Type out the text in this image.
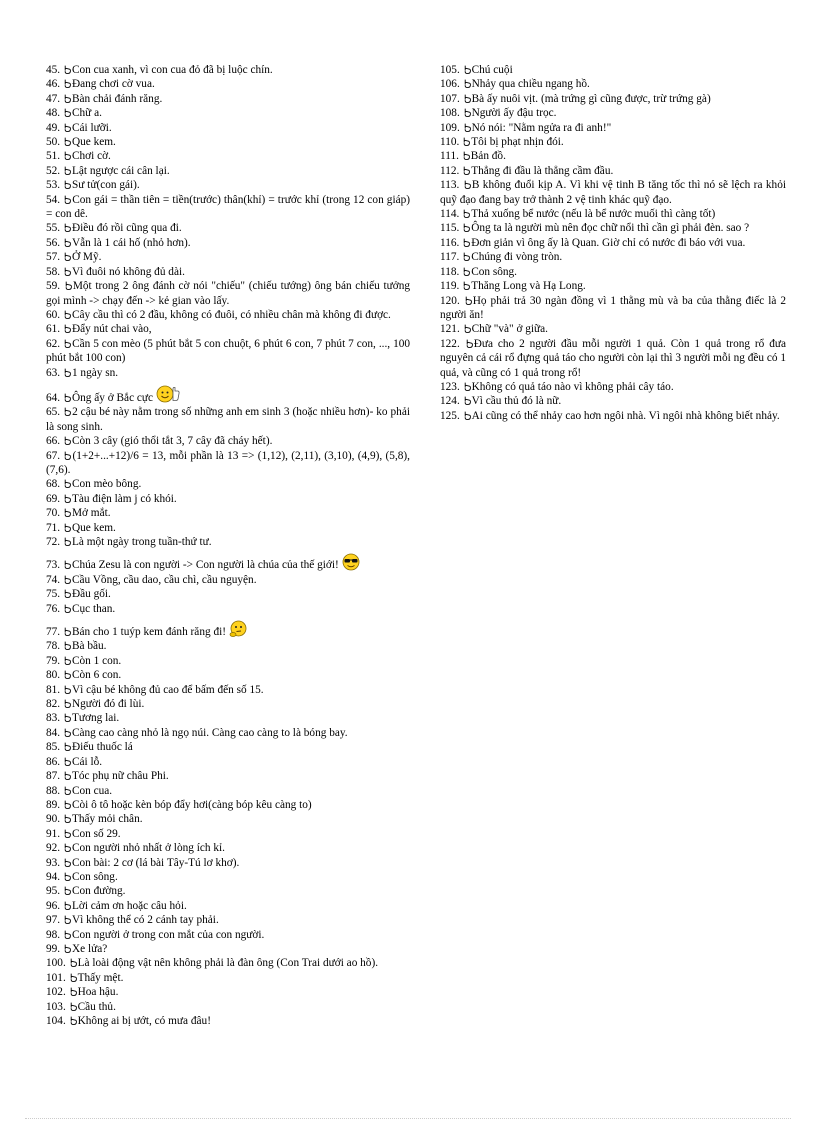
45. Con cua xanh, vì con cua đỏ đã bị luộc chín.
46. Đang chơi cờ vua.
47. Bàn chải đánh răng.
48. Chữ a.
49. Cái lưỡi.
50. Que kem.
51. Chơi cờ.
52. Lật ngược cái cân lại.
53. Sư tử(con gái).
54. Con gái = thần tiên = tiền(trước) thân(khỉ) = trước khỉ (trong 12 con giáp) = con dê.
55. Điều đó rồi cũng qua đi.
56. Vẫn là 1 cái hố (nhỏ hơn).
57. Ở Mỹ.
58. Vì đuôi nó không đủ dài.
59. Một trong 2 ông đánh cờ nói "chiếu" (chiếu tướng) ông bán chiếu tưởng gọi mình -> chạy đến -> kẻ gian vào lấy.
60. Cây cầu thì có 2 đầu, không có đuôi, có nhiều chân mà không đi được.
61. Đẩy nút chai vào,
62. Cần 5 con mèo (5 phút bắt 5 con chuột, 6 phút 6 con, 7 phút 7 con, ..., 100 phút bắt 100 con)
63. 1 ngày sn.
64. Ông ấy ở Bắc cực
65. 2 cậu bé này nằm trong số những anh em sinh 3 (hoặc nhiều hơn)- ko phải là song sinh.
66. Còn 3 cây (gió thổi tắt 3, 7 cây đã cháy hết).
67. (1+2+...+12)/6 = 13, mỗi phần là 13 => (1,12), (2,11), (3,10), (4,9), (5,8), (7,6).
68. Con mèo bông.
69. Tàu điện làm j có khói.
70. Mở mắt.
71. Que kem.
72. Là một ngày trong tuần-thứ tư.
73. Chúa Zesu là con người -> Con người là chúa của thế giới!
74. Cầu Vồng, cầu dao, cầu chì, cầu nguyện.
75. Đầu gối.
76. Cục than.
77. Bán cho 1 tuýp kem đánh răng đi!
78. Bà bầu.
79. Còn 1 con.
80. Còn 6 con.
81. Vì cậu bé không đủ cao để bấm đến số 15.
82. Người đó đi lùi.
83. Tương lai.
84. Càng cao càng nhỏ là ngọ núi. Càng cao càng to là bóng bay.
85. Điếu thuốc lá
86. Cái lỗ.
87. Tóc phụ nữ châu Phi.
88. Con cua.
89. Còi ô tô hoặc kèn bóp đẩy hơi(càng bóp kêu càng to)
90. Thấy mỏi chân.
91. Con số 29.
92. Con người nhỏ nhất ở lòng ích kỉ.
93. Con bài: 2 cơ (lá bài Tây-Tú lơ khơ).
94. Con sông.
95. Con đường.
96. Lời cảm ơn hoặc câu hỏi.
97. Vì không thể có 2 cánh tay phải.
98. Con người ở trong con mắt của con người.
99. Xe lửa?
100. Là loài động vật nên không phải là đàn ông (Con Trai dưới ao hồ).
101. Thấy mệt.
102. Hoa hậu.
103. Cầu thủ.
104. Không ai bị ướt, có mưa đâu!
105. Chú cuội
106. Nhảy qua chiều ngang hồ.
107. Bà ấy nuôi vịt. (mà trứng gì cũng được, trừ trứng gà)
108. Người ấy đậu trọc.
109. Nó nói: "Nằm ngửa ra đi anh!"
110. Tôi bị phạt nhịn đói.
111. Bản đồ.
112. Thẳng đi đầu là thẳng cầm đầu.
113. B không đuổi kịp A. Vì khi vệ tinh B tăng tốc thì nó sẽ lệch ra khỏi quỹ đạo đang bay trở thành 2 vệ tinh khác quỹ đạo.
114. Thả xuống bể nước (nếu là bể nước muối thì càng tốt)
115. Ông ta là người mù nên đọc chữ nổi thì cần gì phải đèn. sao ?
116. Đơn giản vì ông ấy là Quan. Giờ chỉ có nước đi báo với vua.
117. Chúng đi vòng tròn.
118. Con sông.
119. Thăng Long và Hạ Long.
120. Họ phải trả 30 ngàn đồng vì 1 thằng mù và ba của thằng điếc là 2 người ăn!
121. Chữ "và" ở giữa.
122. Đưa cho 2 người đầu mỗi người 1 quả. Còn 1 quả trong rổ đưa nguyên cả cái rổ đựng quả táo cho người còn lại thì 3 người mỗi ng đều có 1 quả, và cũng có 1 quả trong rổ!
123. Không có quả táo nào vì không phải cây táo.
124. Vì cầu thủ đó là nữ.
125. Ai cũng có thể nhảy cao hơn ngôi nhà. Vì ngôi nhà không biết nhảy.
